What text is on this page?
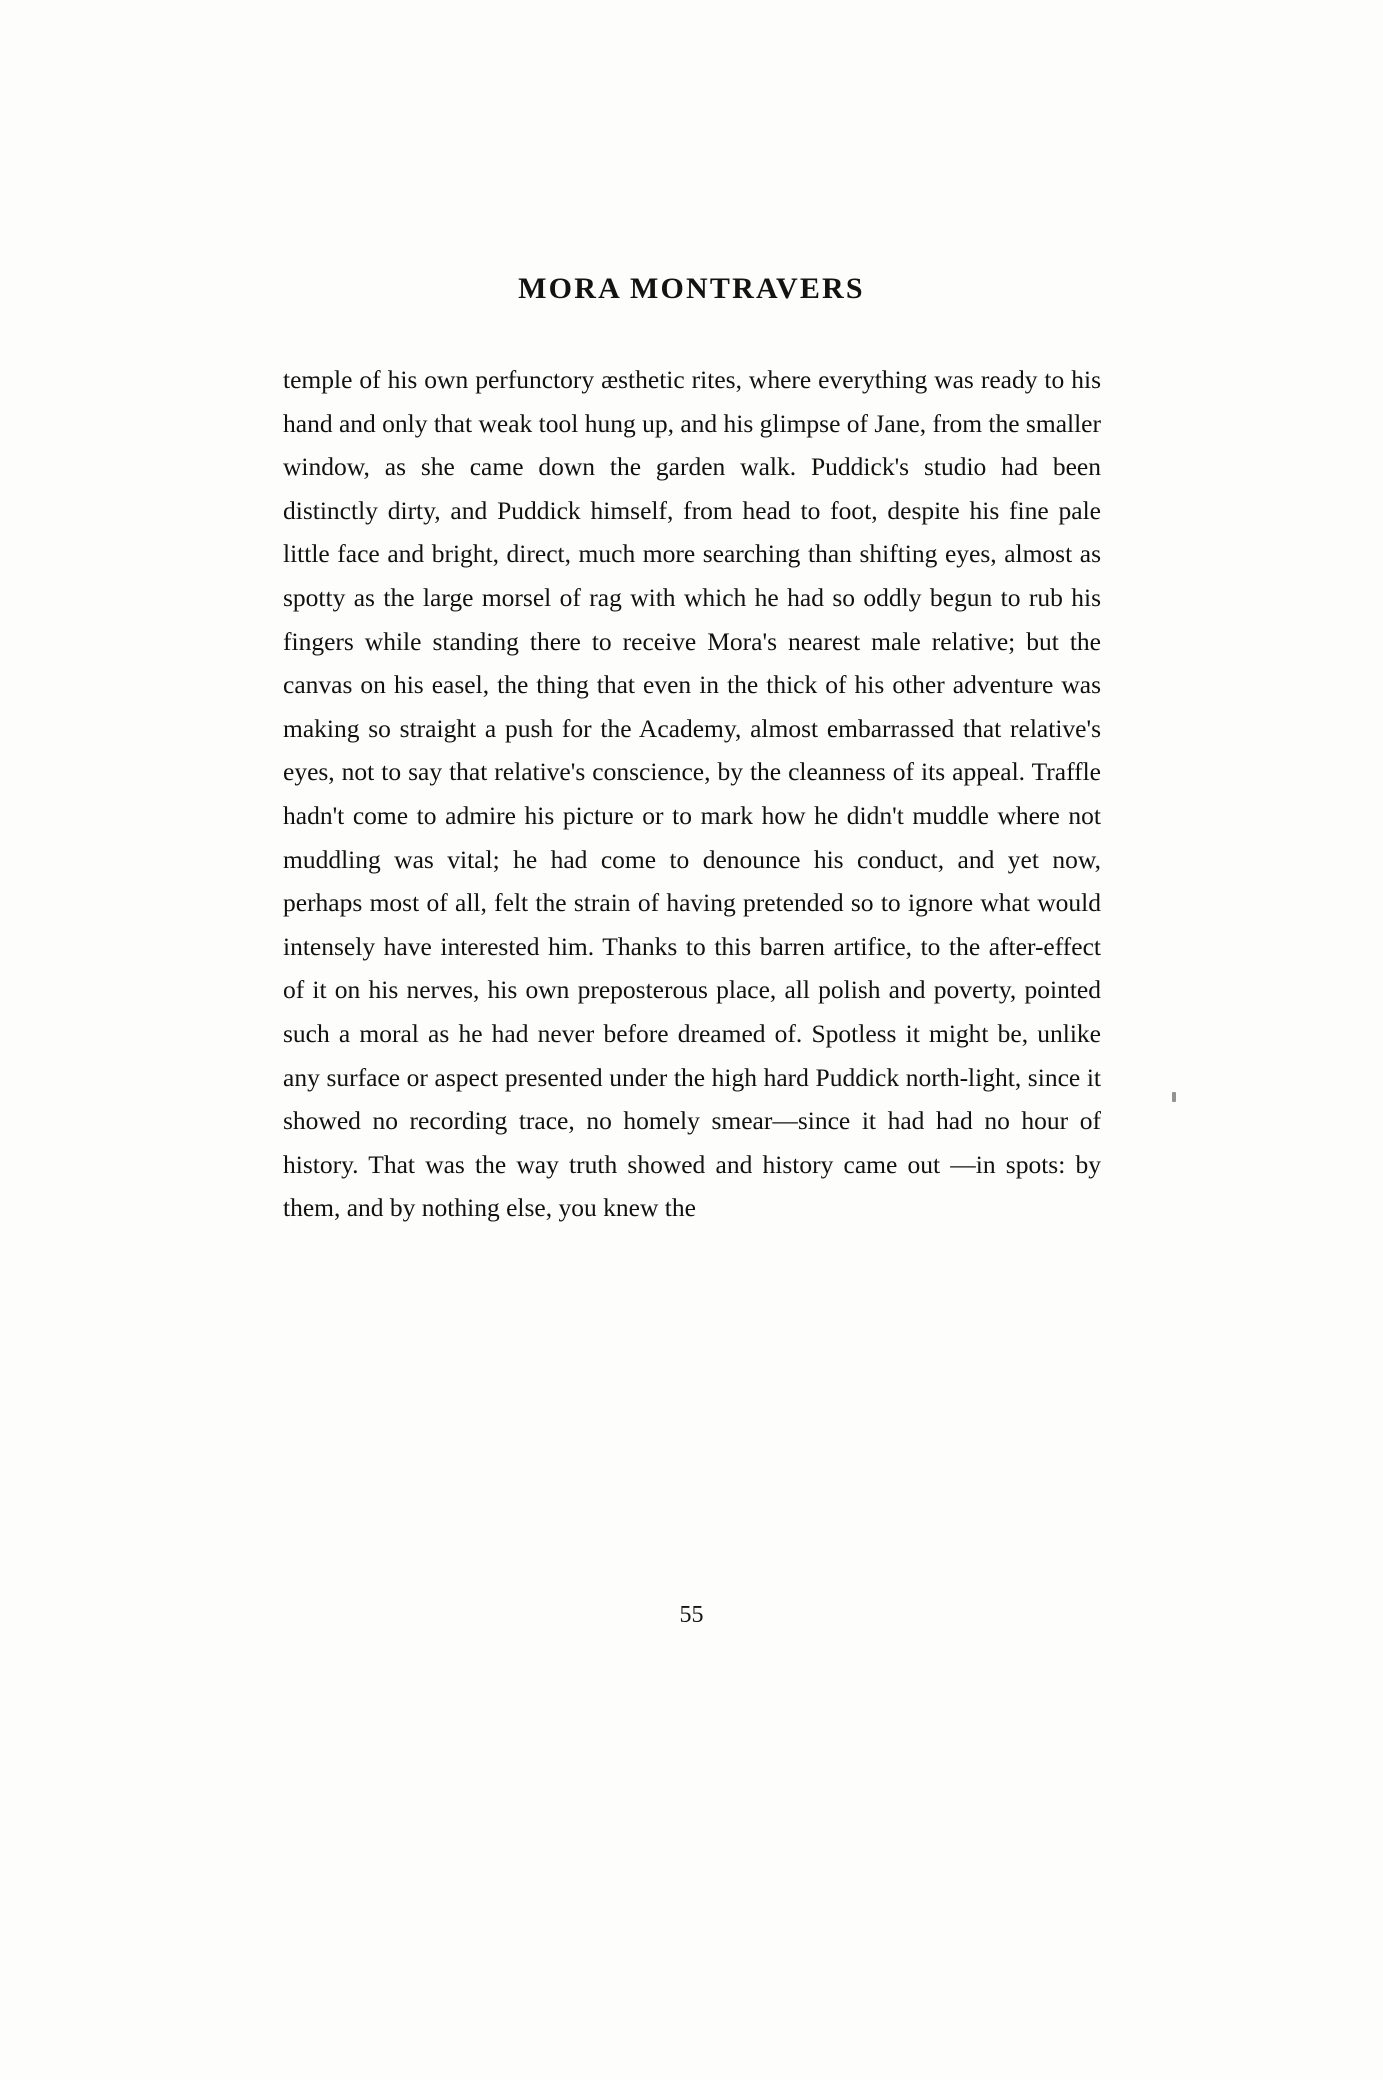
MORA MONTRAVERS

temple of his own perfunctory æsthetic rites, where everything was ready to his hand and only that weak tool hung up, and his glimpse of Jane, from the smaller window, as she came down the garden walk. Puddick's studio had been distinctly dirty, and Puddick himself, from head to foot, despite his fine pale little face and bright, direct, much more searching than shifting eyes, almost as spotty as the large morsel of rag with which he had so oddly begun to rub his fingers while standing there to receive Mora's nearest male relative; but the canvas on his easel, the thing that even in the thick of his other adventure was making so straight a push for the Academy, almost embarrassed that relative's eyes, not to say that relative's conscience, by the cleanness of its appeal. Traffle hadn't come to admire his picture or to mark how he didn't muddle where not muddling was vital; he had come to denounce his conduct, and yet now, perhaps most of all, felt the strain of having pretended so to ignore what would intensely have interested him. Thanks to this barren artifice, to the after-effect of it on his nerves, his own preposterous place, all polish and poverty, pointed such a moral as he had never before dreamed of. Spotless it might be, unlike any surface or aspect presented under the high hard Puddick north-light, since it showed no recording trace, no homely smear—since it had had no hour of history. That was the way truth showed and history came out —in spots: by them, and by nothing else, you knew the

55
